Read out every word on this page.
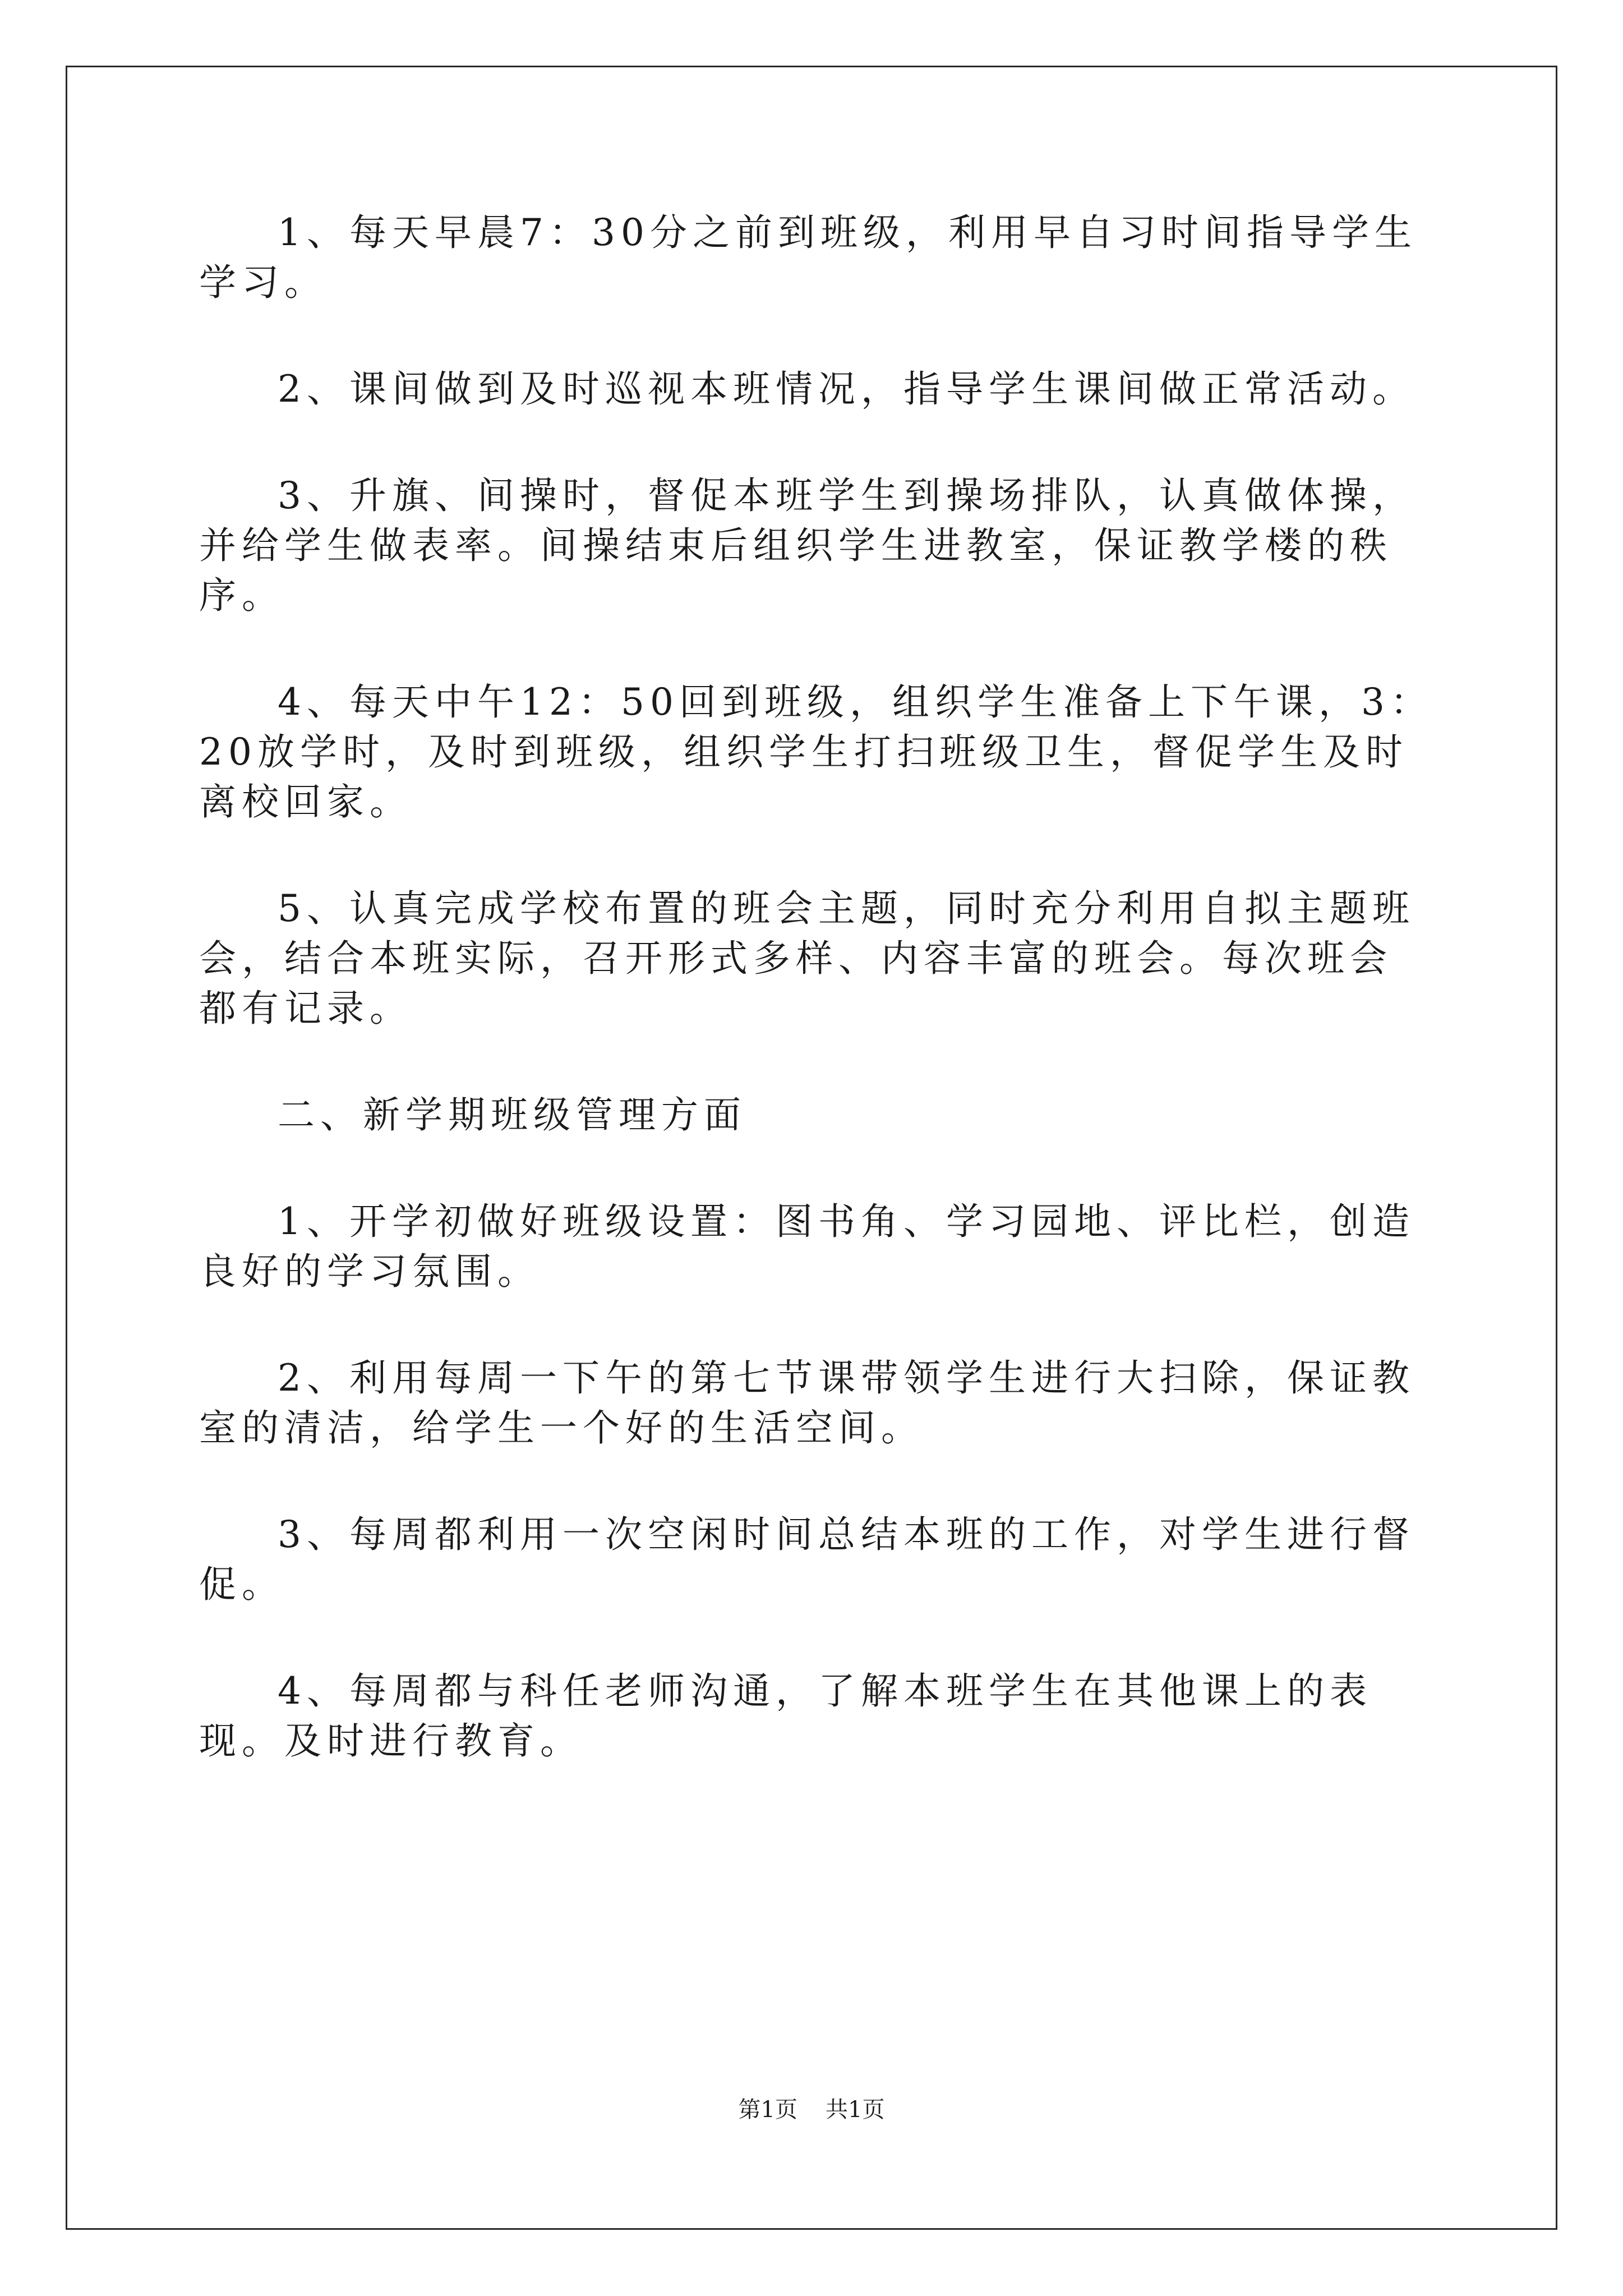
1、每天早晨7：30分之前到班级，利用早自习时间指导学生学习。

2、课间做到及时巡视本班情况，指导学生课间做正常活动。

3、升旗、间操时，督促本班学生到操场排队，认真做体操，并给学生做表率。间操结束后组织学生进教室，保证教学楼的秩序。

4、每天中午12：50回到班级，组织学生准备上下午课，3：20放学时，及时到班级，组织学生打扫班级卫生，督促学生及时离校回家。

5、认真完成学校布置的班会主题，同时充分利用自拟主题班会，结合本班实际，召开形式多样、内容丰富的班会。每次班会都有记录。

二、新学期班级管理方面

1、开学初做好班级设置：图书角、学习园地、评比栏，创造良好的学习氛围。

2、利用每周一下午的第七节课带领学生进行大扫除，保证教室的清洁，给学生一个好的生活空间。

3、每周都利用一次空闲时间总结本班的工作，对学生进行督促。

4、每周都与科任老师沟通，了解本班学生在其他课上的表现。及时进行教育。

第1页 共1页
